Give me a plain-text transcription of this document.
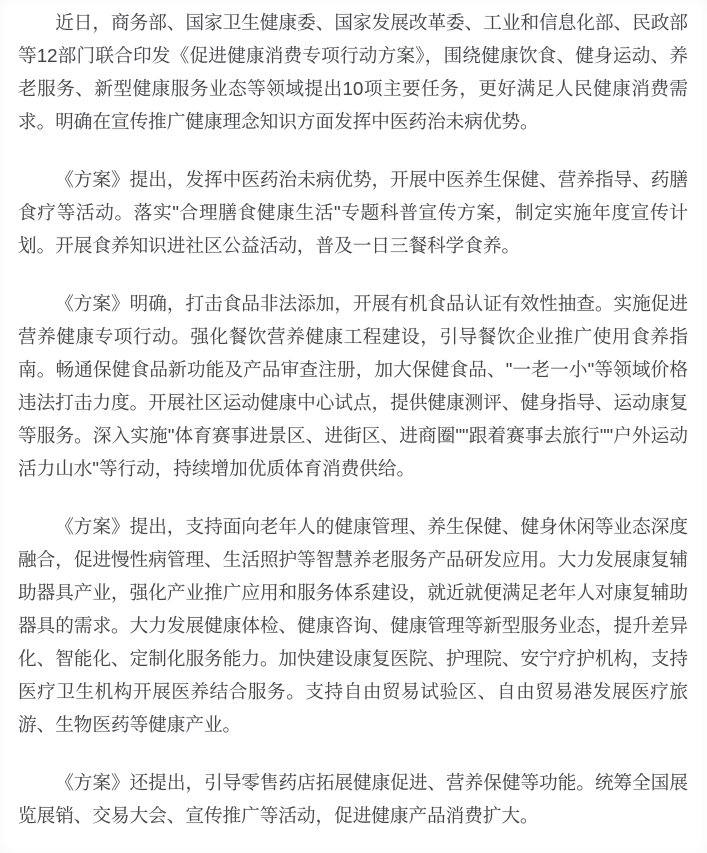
近日，商务部、国家卫生健康委、国家发展改革委、工业和信息化部、民政部等12部门联合印发《促进健康消费专项行动方案》，围绕健康饮食、健身运动、养老服务、新型健康服务业态等领域提出10项主要任务，更好满足人民健康消费需求。明确在宣传推广健康理念知识方面发挥中医药治未病优势。

《方案》提出，发挥中医药治未病优势，开展中医养生保健、营养指导、药膳食疗等活动。落实"合理膳食健康生活"专题科普宣传方案，制定实施年度宣传计划。开展食养知识进社区公益活动，普及一日三餐科学食养。

《方案》明确，打击食品非法添加，开展有机食品认证有效性抽查。实施促进营养健康专项行动。强化餐饮营养健康工程建设，引导餐饮企业推广使用食养指南。畅通保健食品新功能及产品审查注册，加大保健食品、"一老一小"等领域价格违法打击力度。开展社区运动健康中心试点，提供健康测评、健身指导、运动康复等服务。深入实施"体育赛事进景区、进街区、进商圈""跟着赛事去旅行""户外运动活力山水"等行动，持续增加优质体育消费供给。

《方案》提出，支持面向老年人的健康管理、养生保健、健身休闲等业态深度融合，促进慢性病管理、生活照护等智慧养老服务产品研发应用。大力发展康复辅助器具产业，强化产业推广应用和服务体系建设，就近就便满足老年人对康复辅助器具的需求。大力发展健康体检、健康咨询、健康管理等新型服务业态，提升差异化、智能化、定制化服务能力。加快建设康复医院、护理院、安宁疗护机构，支持医疗卫生机构开展医养结合服务。支持自由贸易试验区、自由贸易港发展医疗旅游、生物医药等健康产业。

《方案》还提出，引导零售药店拓展健康促进、营养保健等功能。统筹全国展览展销、交易大会、宣传推广等活动，促进健康产品消费扩大。
